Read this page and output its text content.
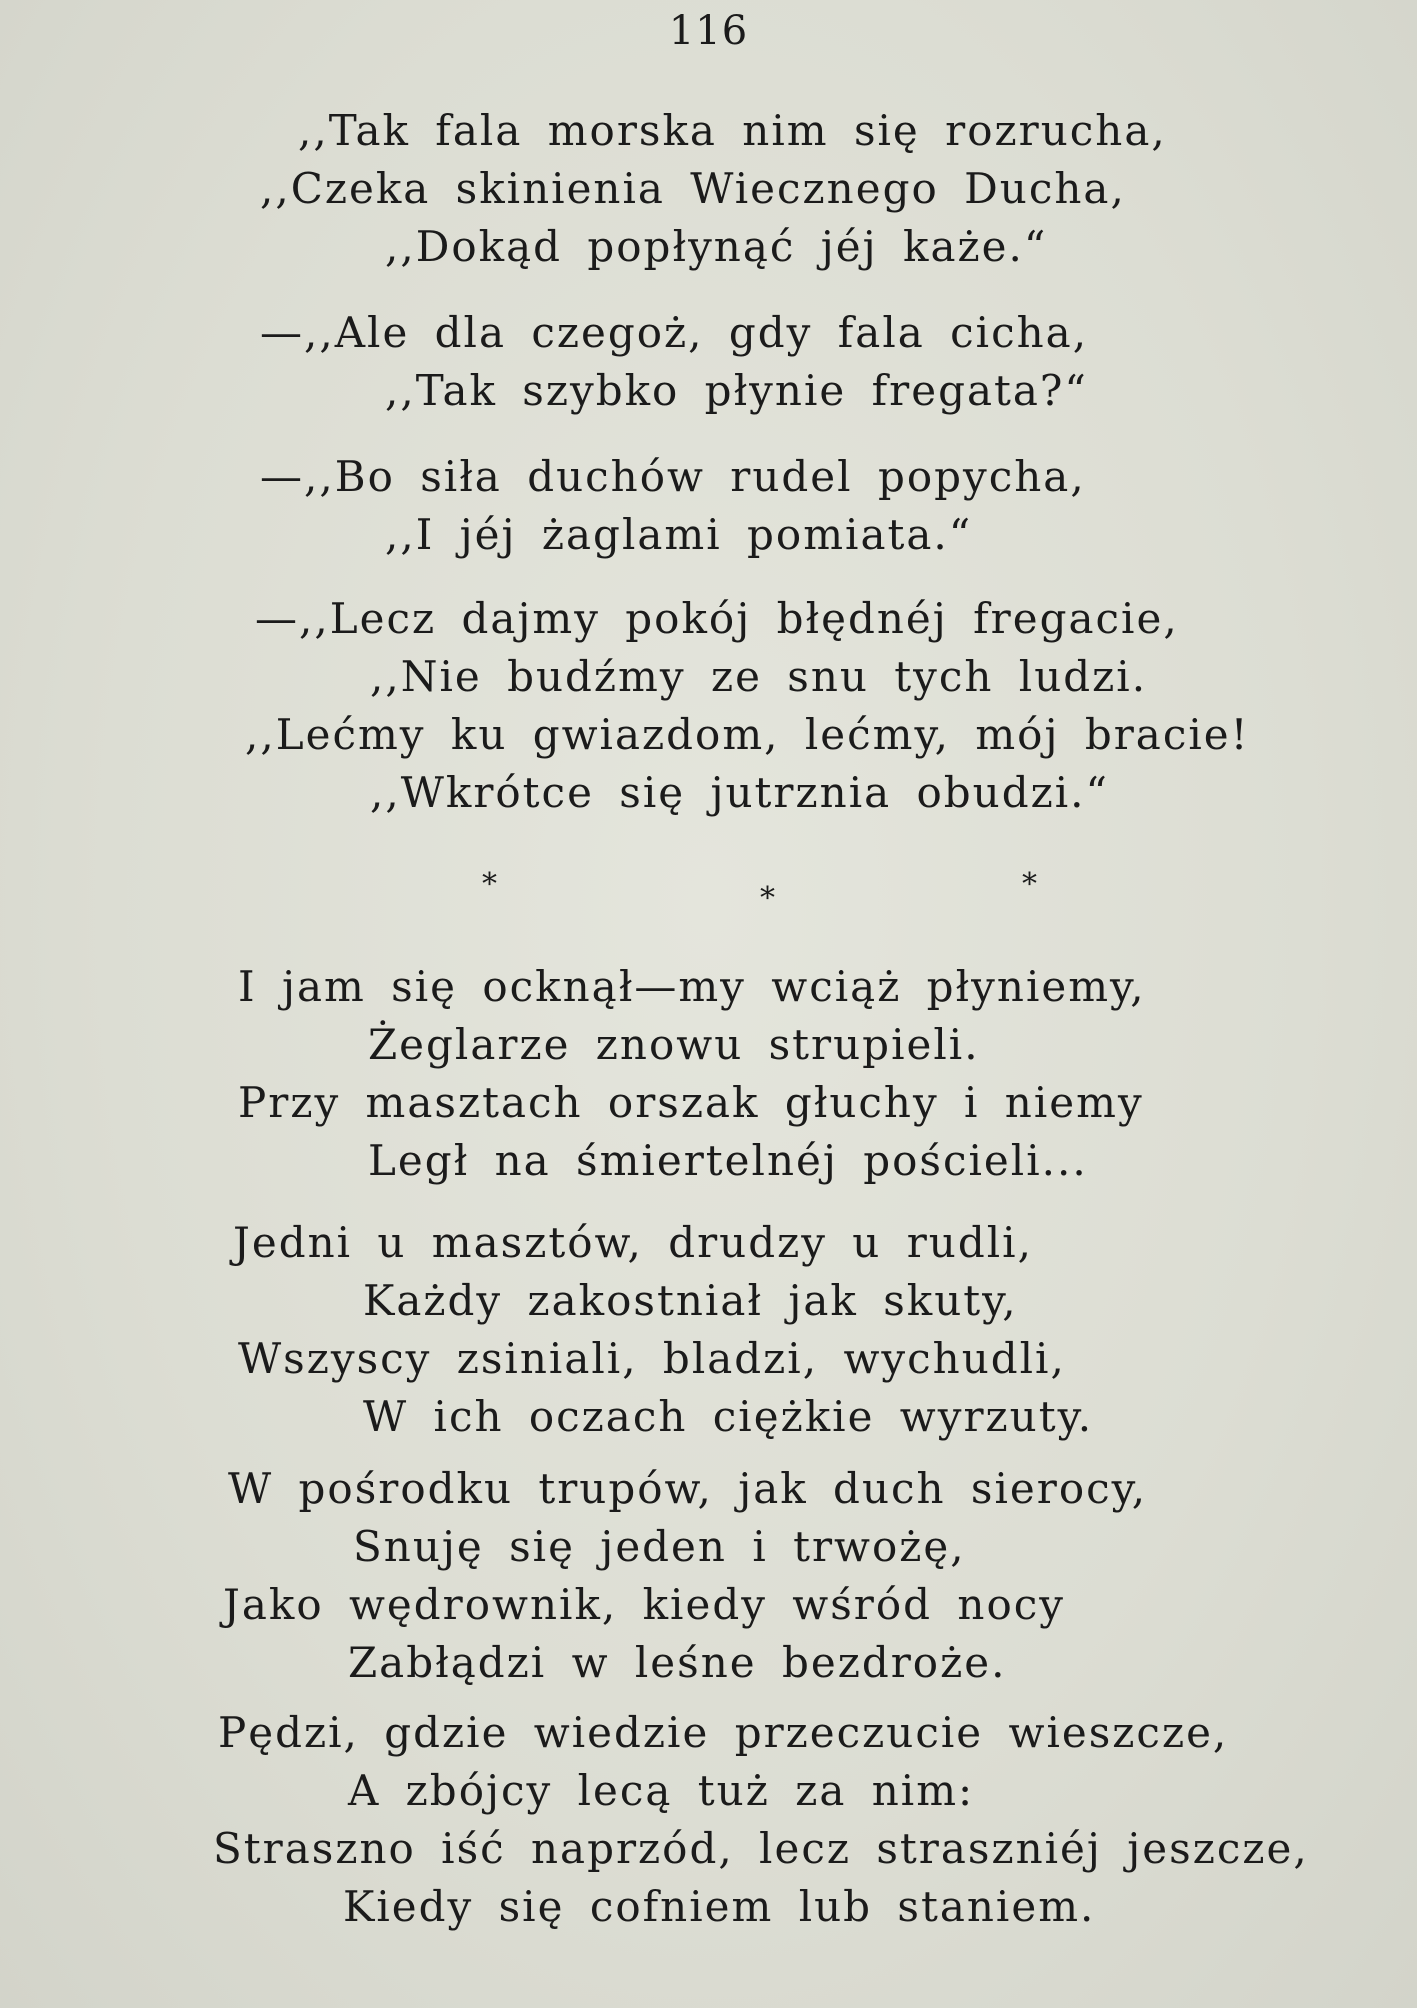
116
,,Tak fala morska nim się rozrucha,
,,Czeka skinienia Wiecznego Ducha,
,,Dokąd popłynąć jéj każe.“
—,,Ale dla czegoż, gdy fala cicha,
,,Tak szybko płynie fregata?“
—,,Bo siła duchów rudel popycha,
,,I jéj żaglami pomiata.“
—,,Lecz dajmy pokój błędnéj fregacie,
,,Nie budźmy ze snu tych ludzi.
,,Lećmy ku gwiazdom, lećmy, mój bracie!
,,Wkrótce się jutrznia obudzi.“
*	*	*
I jam się ocknął—my wciąż płyniemy,
Żeglarze znowu strupieli.
Przy masztach orszak głuchy i niemy
Legł na śmiertelnéj pościeli...
Jedni u masztów, drudzy u rudli,
Każdy zakostniał jak skuty,
Wszyscy zsiniali, bladzi, wychudli,
W ich oczach ciężkie wyrzuty.
W pośrodku trupów, jak duch sierocy,
Snuję się jeden i trwożę,
Jako wędrownik, kiedy wśród nocy
Zabłądzi w leśne bezdroże.
Pędzi, gdzie wiedzie przeczucie wieszcze,
A zbójcy lecą tuż za nim:
Straszno iść naprzód, lecz straszniéj jeszcze,
Kiedy się cofniem lub staniem.
